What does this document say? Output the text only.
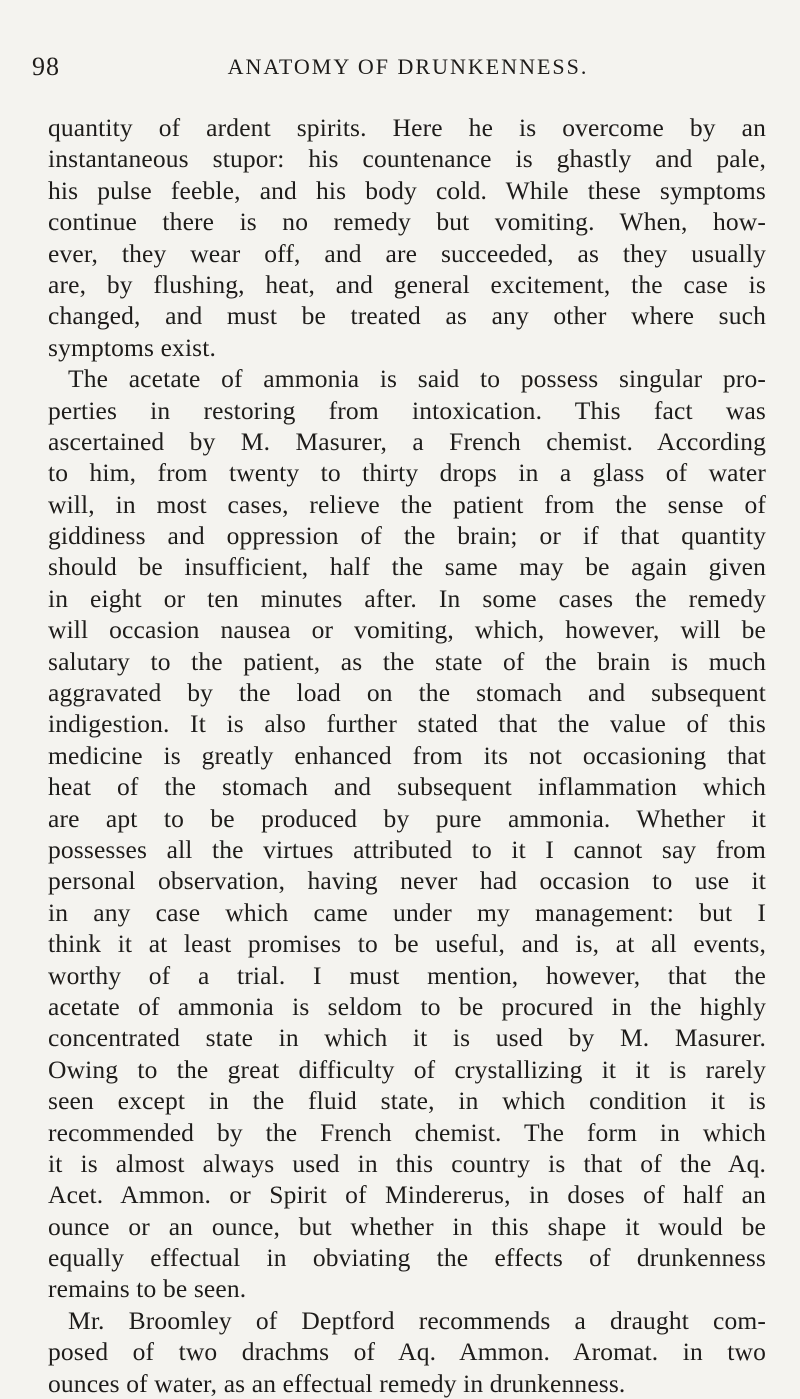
98	ANATOMY OF DRUNKENNESS.
quantity of ardent spirits. Here he is overcome by an
instantaneous stupor: his countenance is ghastly and pale,
his pulse feeble, and his body cold. While these symptoms
continue there is no remedy but vomiting. When, how-
ever, they wear off, and are succeeded, as they usually
are, by flushing, heat, and general excitement, the case is
changed, and must be treated as any other where such
symptoms exist.
The acetate of ammonia is said to possess singular pro-
perties in restoring from intoxication. This fact was
ascertained by M. Masurer, a French chemist. According
to him, from twenty to thirty drops in a glass of water
will, in most cases, relieve the patient from the sense of
giddiness and oppression of the brain; or if that quantity
should be insufficient, half the same may be again given
in eight or ten minutes after. In some cases the remedy
will occasion nausea or vomiting, which, however, will be
salutary to the patient, as the state of the brain is much
aggravated by the load on the stomach and subsequent
indigestion. It is also further stated that the value of this
medicine is greatly enhanced from its not occasioning that
heat of the stomach and subsequent inflammation which
are apt to be produced by pure ammonia. Whether it
possesses all the virtues attributed to it I cannot say from
personal observation, having never had occasion to use it
in any case which came under my management: but I
think it at least promises to be useful, and is, at all events,
worthy of a trial. I must mention, however, that the
acetate of ammonia is seldom to be procured in the highly
concentrated state in which it is used by M. Masurer.
Owing to the great difficulty of crystallizing it it is rarely
seen except in the fluid state, in which condition it is
recommended by the French chemist. The form in which
it is almost always used in this country is that of the Aq.
Acet. Ammon. or Spirit of Mindererus, in doses of half an
ounce or an ounce, but whether in this shape it would be
equally effectual in obviating the effects of drunkenness
remains to be seen.
Mr. Broomley of Deptford recommends a draught com-
posed of two drachms of Aq. Ammon. Aromat. in two
ounces of water, as an effectual remedy in drunkenness.
